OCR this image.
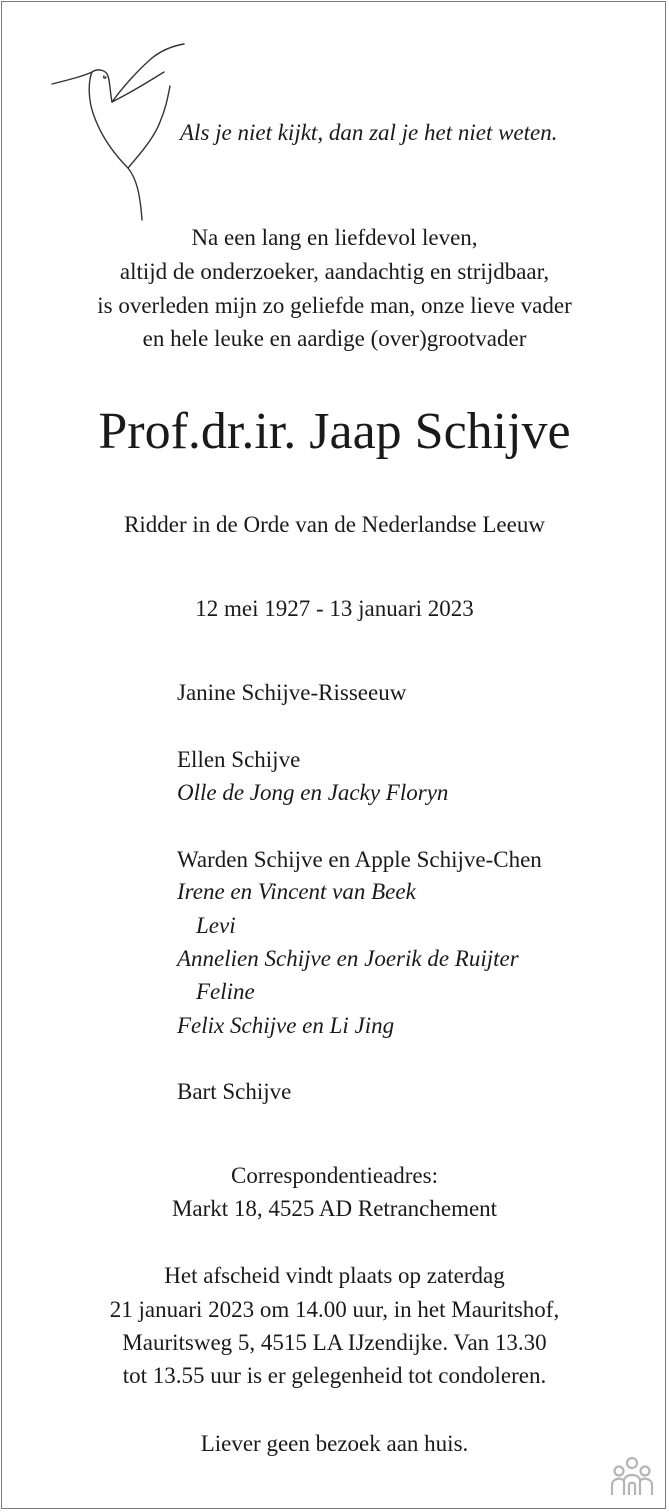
Als je niet kijkt, dan zal je het niet weten.
Na een lang en liefdevol leven,
altijd de onderzoeker, aandachtig en strijdbaar,
is overleden mijn zo geliefde man, onze lieve vader
en hele leuke en aardige (over)grootvader
Prof.dr.ir. Jaap Schijve
Ridder in de Orde van de Nederlandse Leeuw
12 mei 1927 - 13 januari 2023
Janine Schijve-Risseeuw
Ellen Schijve
Olle de Jong en Jacky Floryn
Warden Schijve en Apple Schijve-Chen
Irene en Vincent van Beek
Levi
Annelien Schijve en Joerik de Ruijter
Feline
Felix Schijve en Li Jing
Bart Schijve
Correspondentieadres:
Markt 18, 4525 AD Retranchement
Het afscheid vindt plaats op zaterdag
21 januari 2023 om 14.00 uur, in het Mauritshof,
Mauritsweg 5, 4515 LA IJzendijke. Van 13.30
tot 13.55 uur is er gelegenheid tot condoleren.
Liever geen bezoek aan huis.
